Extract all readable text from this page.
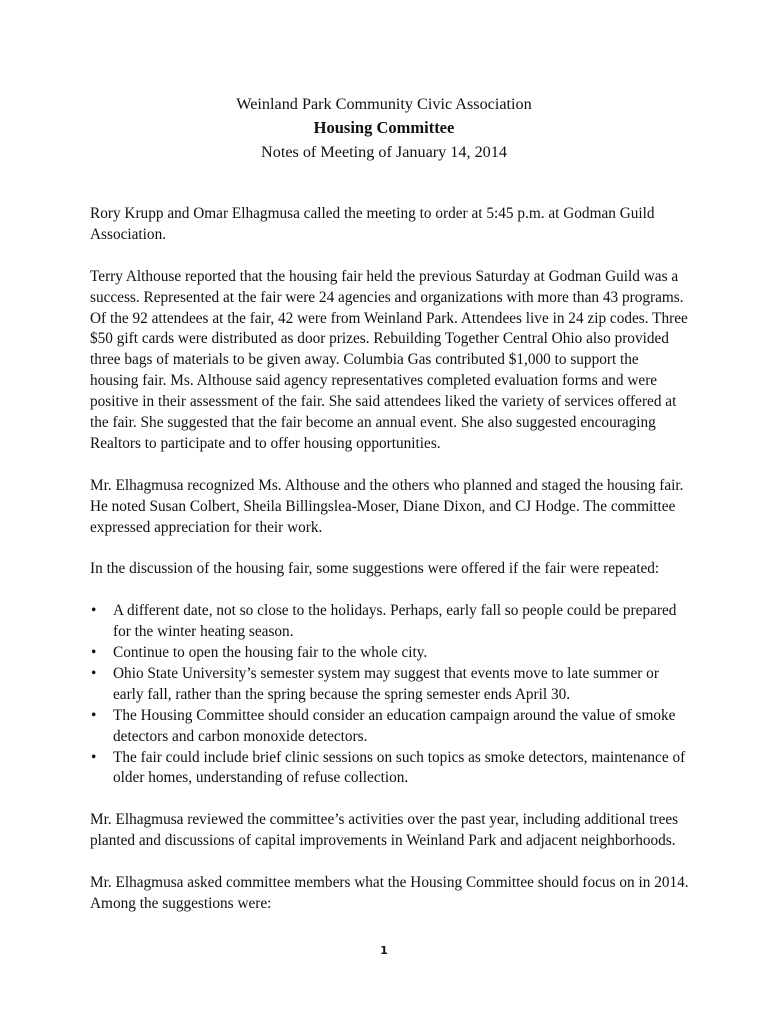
Weinland Park Community Civic Association
Housing Committee
Notes of Meeting of January 14, 2014

Rory Krupp and Omar Elhagmusa called the meeting to order at 5:45 p.m. at Godman Guild Association.

Terry Althouse reported that the housing fair held the previous Saturday at Godman Guild was a success. Represented at the fair were 24 agencies and organizations with more than 43 programs. Of the 92 attendees at the fair, 42 were from Weinland Park. Attendees live in 24 zip codes. Three $50 gift cards were distributed as door prizes. Rebuilding Together Central Ohio also provided three bags of materials to be given away. Columbia Gas contributed $1,000 to support the housing fair. Ms. Althouse said agency representatives completed evaluation forms and were positive in their assessment of the fair. She said attendees liked the variety of services offered at the fair. She suggested that the fair become an annual event. She also suggested encouraging Realtors to participate and to offer housing opportunities.

Mr. Elhagmusa recognized Ms. Althouse and the others who planned and staged the housing fair. He noted Susan Colbert, Sheila Billingslea-Moser, Diane Dixon, and CJ Hodge. The committee expressed appreciation for their work.

In the discussion of the housing fair, some suggestions were offered if the fair were repeated:

• A different date, not so close to the holidays. Perhaps, early fall so people could be prepared for the winter heating season.
• Continue to open the housing fair to the whole city.
• Ohio State University’s semester system may suggest that events move to late summer or early fall, rather than the spring because the spring semester ends April 30.
• The Housing Committee should consider an education campaign around the value of smoke detectors and carbon monoxide detectors.
• The fair could include brief clinic sessions on such topics as smoke detectors, maintenance of older homes, understanding of refuse collection.

Mr. Elhagmusa reviewed the committee’s activities over the past year, including additional trees planted and discussions of capital improvements in Weinland Park and adjacent neighborhoods.

Mr. Elhagmusa asked committee members what the Housing Committee should focus on in 2014. Among the suggestions were:

1
